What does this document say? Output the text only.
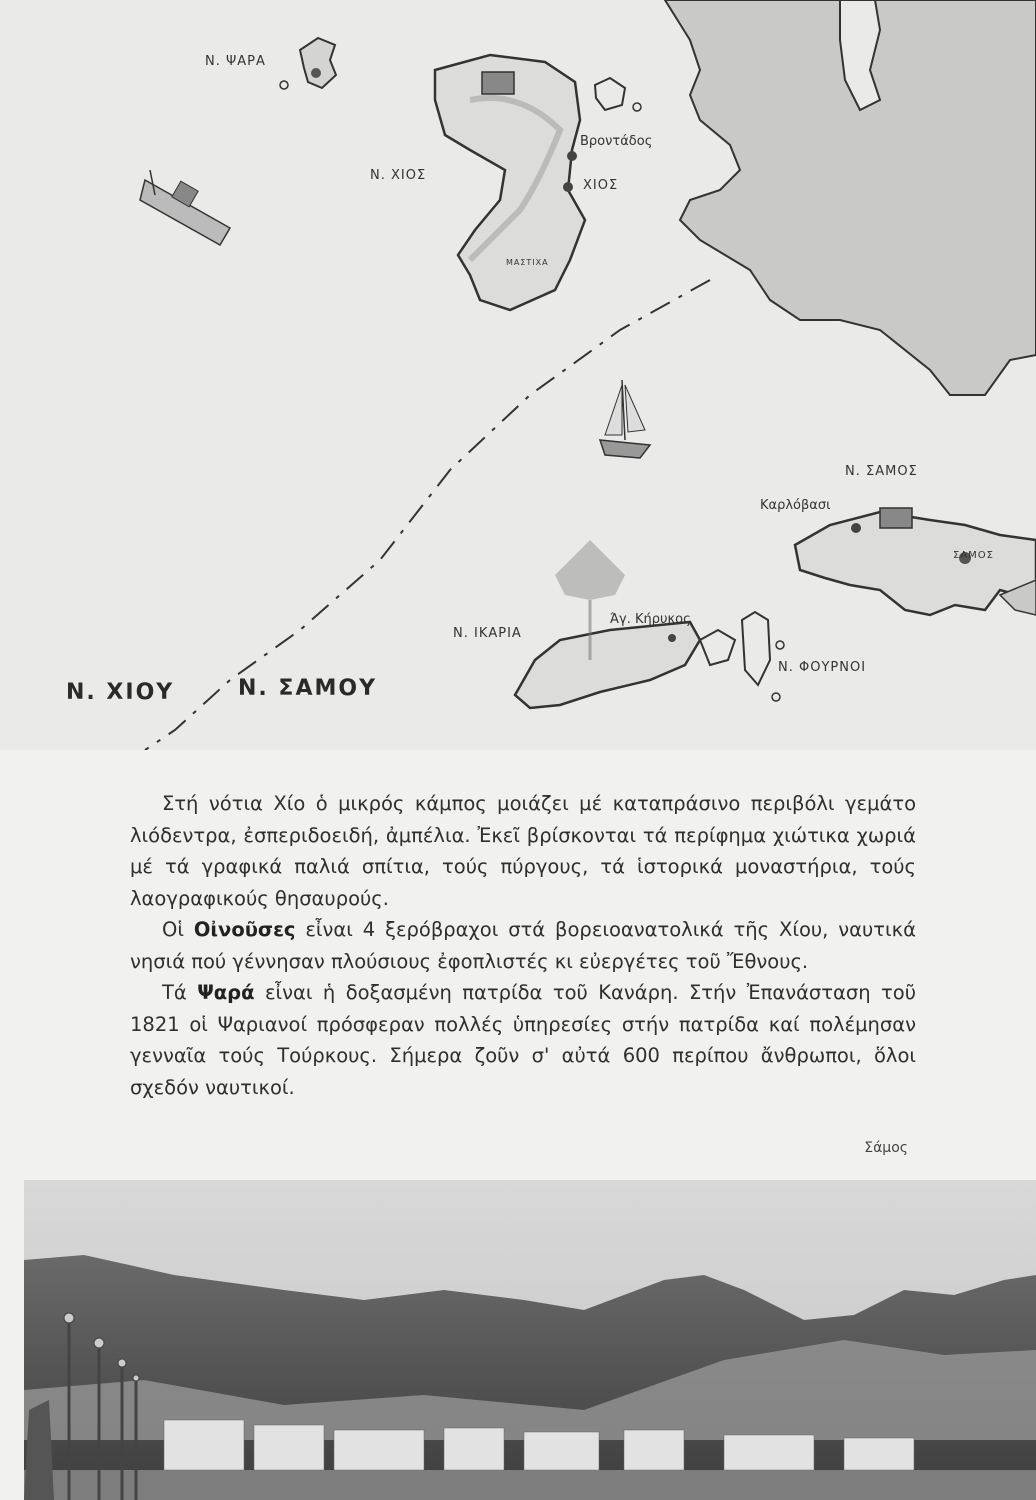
Ν. ΨΑΡΑ
Ν. ΧΙΟΣ
Βροντάδος
ΧΙΟΣ
ΜΑΣΤΙΧΑ
Ν. ΣΑΜΟΣ
Καρλόβασι
ΣΑΜΟΣ
Ν. ΙΚΑΡΙΑ
Άγ. Κήρυκος
Ν. ΦΟΥΡΝΟΙ
Ν. ΧΙΟΥ	Ν. ΣΑΜΟΥ

Στή νότια Χίο ὁ μικρός κάμπος μοιάζει μέ καταπράσινο περιβόλι γεμάτο λιόδεντρα, ἐσπεριδοειδή, ἀμπέλια. Ἐκεῖ βρίσκονται τά περίφημα χιώτικα χωριά μέ τά γραφικά παλιά σπίτια, τούς πύργους, τά ἱστορικά μοναστήρια, τούς λαογραφικούς θησαυρούς.

Οἱ Οἰνοῦσες εἶναι 4 ξερόβραχοι στά βορειοανατολικά τῆς Χίου, ναυτικά νησιά πού γέννησαν πλούσιους ἐφοπλιστές κι εὐεργέτες τοῦ Ἔθνους.

Τά Ψαρά εἶναι ἡ δοξασμένη πατρίδα τοῦ Κανάρη. Στήν Ἐπανάσταση τοῦ 1821 οἱ Ψαριανοί πρόσφεραν πολλές ὑπηρεσίες στήν πατρίδα καί πολέμησαν γενναῖα τούς Τούρκους. Σήμερα ζοῦν σ' αὐτά 600 περίπου ἄνθρωποι, ὅλοι σχεδόν ναυτικοί.

Σάμος
